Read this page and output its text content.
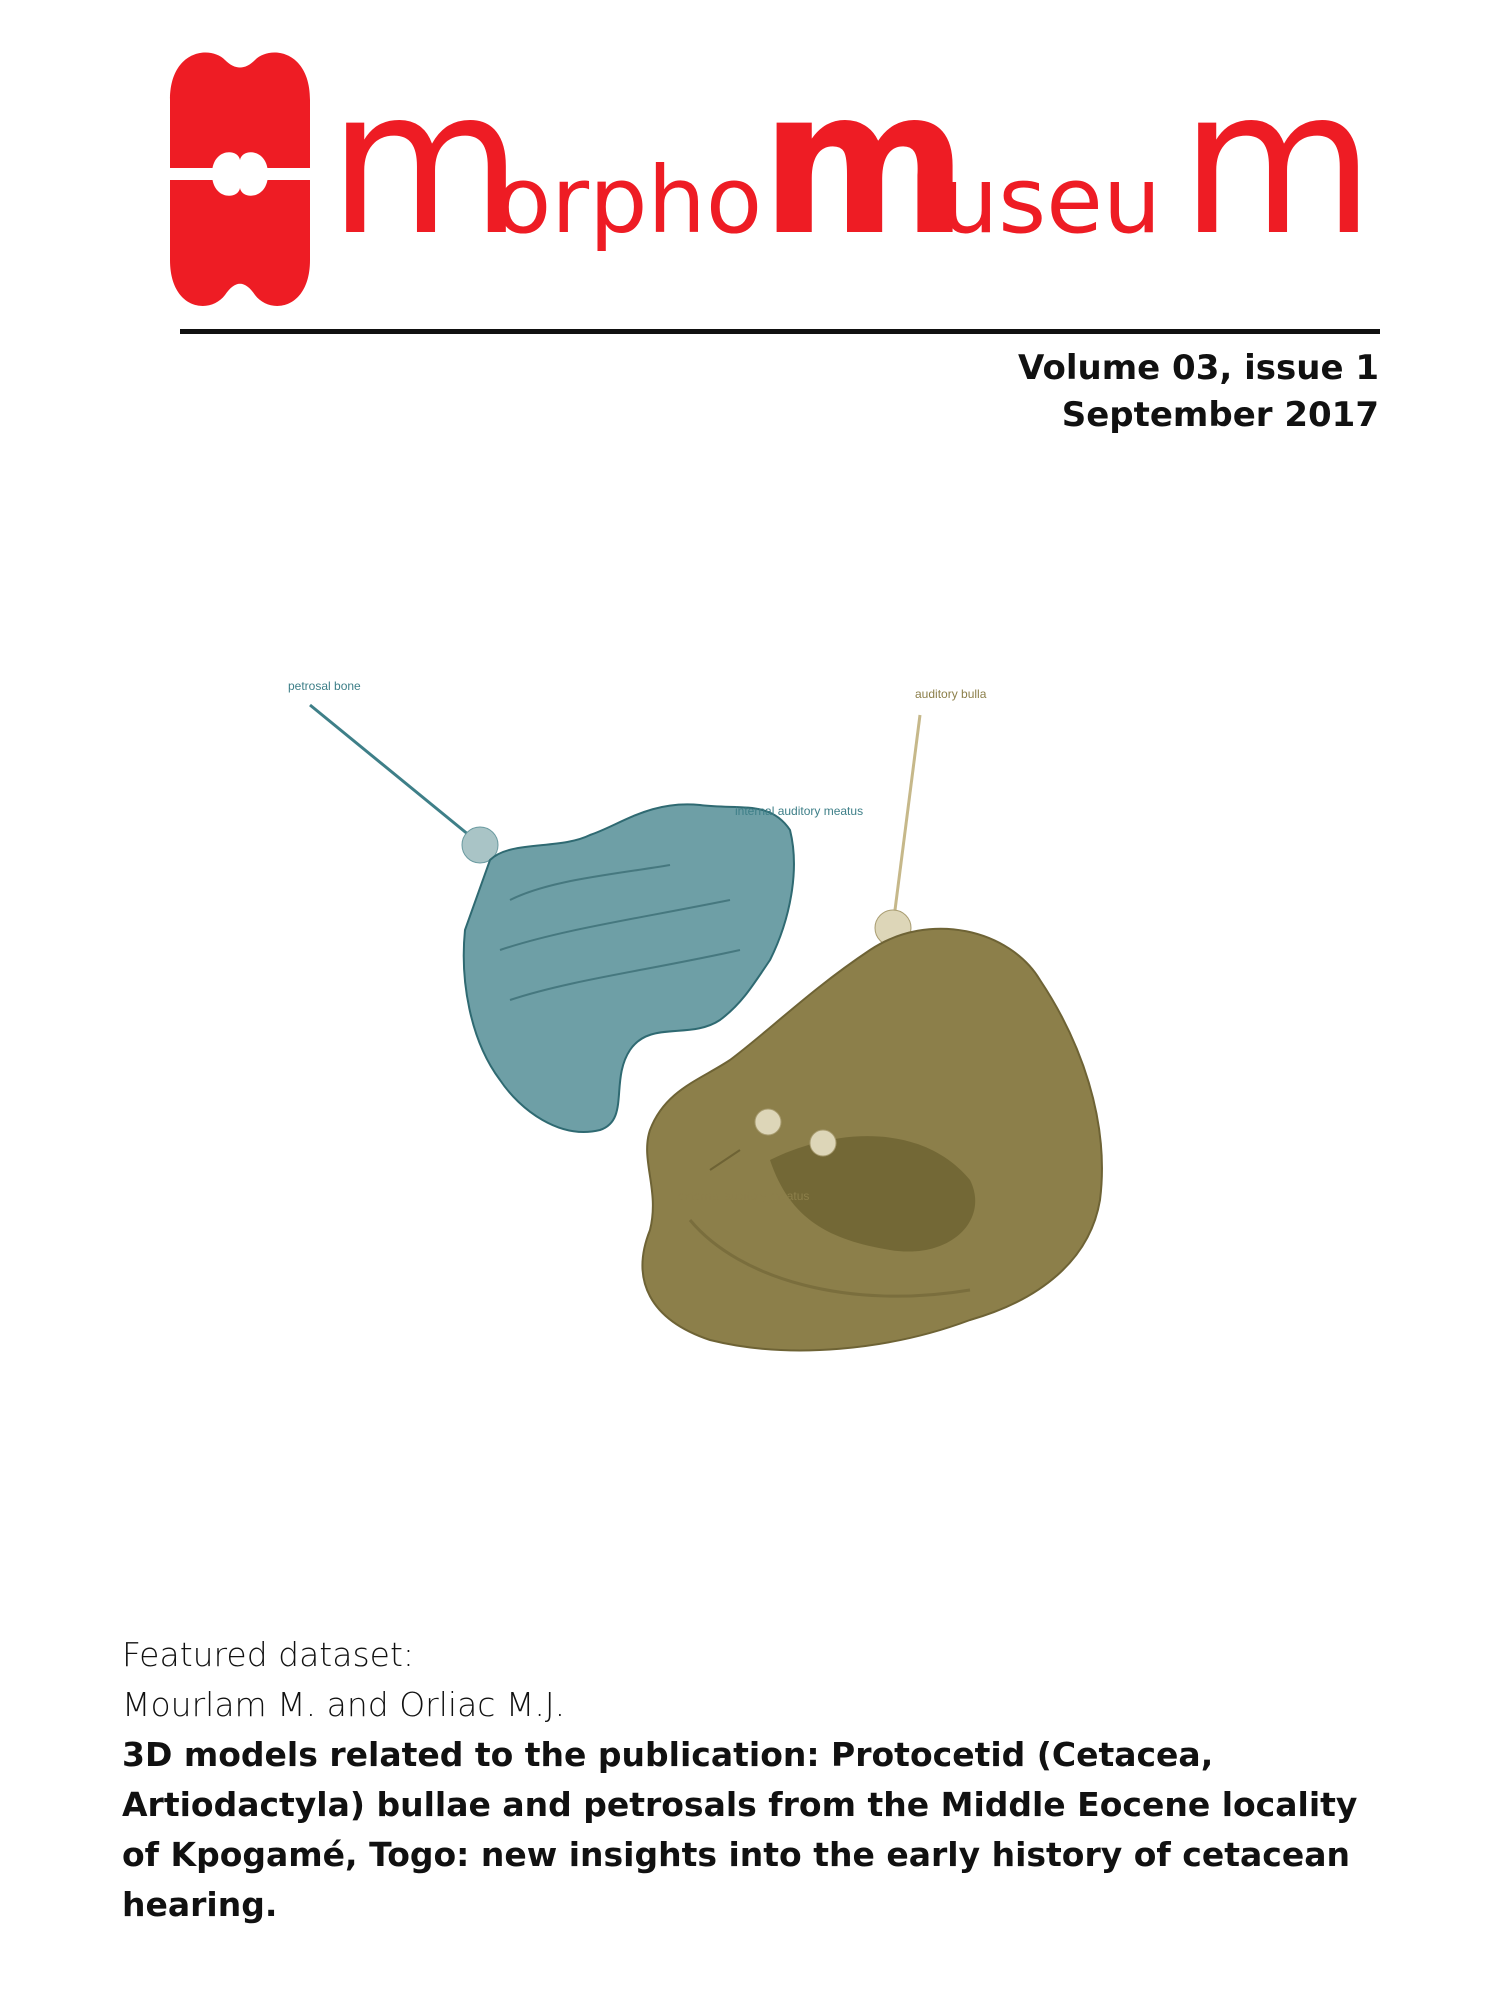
m
orpho
m
useu m
Volume 03, issue 1
September 2017
petrosal bone
internal auditory meatus
auditory bulla
external auditory meatus
Featured dataset:
Mourlam M. and Orliac M.J.
3D models related to the publication: Protocetid (Cetacea, Artiodactyla) bullae and petrosals from the Middle Eocene locality of Kpogamé, Togo: new insights into the early history of cetacean hearing.
